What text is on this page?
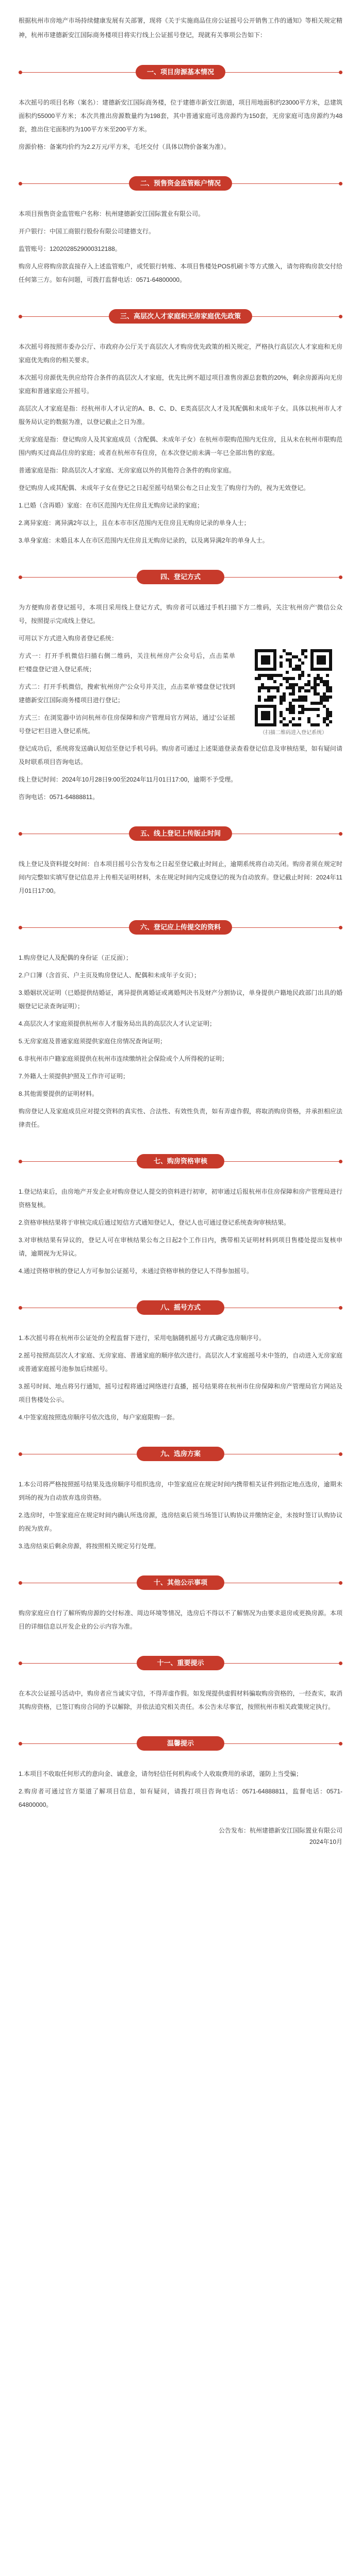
根据杭州市房地产市场持续健康发展有关部署，现将《关于实施商品住房公证摇号公开销售工作的通知》等相关规定精神，杭州市建德新安江国际商务楼项目将实行线上公证摇号登记，现就有关事项公告如下：

一、项目房源基本情况

本次摇号的项目名称（案名）：建德新安江国际商务楼，位于建德市新安江街道，项目用地面积约23000平方米，总建筑面积约55000平方米；本次共推出房源数量约为198套，其中普通家庭可选房源约为150套，无房家庭可选房源约为48套，推出住宅面积约为100平方米至200平方米。

房源价格：备案均价约为2.2万元/平方米，毛坯交付（具体以物价备案为准）。

二、预售资金监管账户情况

本项目预售资金监管账户名称：杭州建德新安江国际置业有限公司。

开户银行：中国工商银行股份有限公司建德支行。

监管账号：1202028529000312188。

购房人应将购房款直接存入上述监管账户，或凭银行转账、本项目售楼处POS机刷卡等方式缴入，请勿将购房款交付给任何第三方。如有问题，可拨打监督电话：0571-64800000。

三、高层次人才家庭和无房家庭优先政策

本次摇号将按照市委办公厅、市政府办公厅关于高层次人才购房优先政策的相关规定，严格执行高层次人才家庭和无房家庭优先购房的相关要求。

本次摇号房源优先供应给符合条件的高层次人才家庭，优先比例不超过项目准售房源总套数的20%，剩余房源再向无房家庭和普通家庭公开摇号。

高层次人才家庭是指：经杭州市人才认定的A、B、C、D、E类高层次人才及其配偶和未成年子女。具体以杭州市人才服务局认定的数据为准，以登记截止之日为准。

无房家庭是指：登记购房人及其家庭成员（含配偶、未成年子女）在杭州市限购范围内无住房，且从未在杭州市限购范围内购买过商品住房的家庭；或者在杭州市有住房，在本次登记前未满一年已全部出售的家庭。

普通家庭是指：除高层次人才家庭、无房家庭以外的其他符合条件的购房家庭。

登记购房人或其配偶、未成年子女在登记之日起至摇号结果公布之日止发生了购房行为的，视为无效登记。

1.已婚（含再婚）家庭：在市区范围内无住房且无购房记录的家庭；

2.离异家庭：离异满2年以上，且在本市市区范围内无住房且无购房记录的单身人士；

3.单身家庭：未婚且本人在市区范围内无住房且无购房记录的，以及离异满2年的单身人士。

四、登记方式

为方便购房者登记摇号，本项目采用线上登记方式，购房者可以通过手机扫描下方二维码，关注'杭州房产'微信公众号，按照提示完成线上登记。

可用以下方式进入购房者登记系统：

方式一：打开手机微信扫描右侧二维码，关注杭州房产公众号后，点击菜单栏'楼盘登记'进入登记系统；

方式二：打开手机微信，搜索'杭州房产'公众号并关注，点击菜单'楼盘登记'找到建德新安江国际商务楼项目进行登记；

方式三：在浏览器中访问杭州市住房保障和房产管理局官方网站，通过'公证摇号登记'栏目进入登记系统。	（扫描二维码进入登记系统）

登记成功后，系统将发送确认短信至登记手机号码。购房者可通过上述渠道登录查看登记信息及审核结果，如有疑问请及时联系项目咨询电话。

线上登记时间：2024年10月28日9:00至2024年11月01日17:00，逾期不予受理。

咨询电话：0571-64888811。

五、线上登记上传版止时间

线上登记及资料提交时间：自本项目摇号公告发布之日起至登记截止时间止，逾期系统将自动关闭。购房者须在规定时间内完整如实填写登记信息并上传相关证明材料，未在规定时间内完成登记的视为自动放弃。登记截止时间：2024年11月01日17:00。

六、登记应上传提交的资料

1.购房登记人及配偶的身份证（正反面）；

2.户口簿（含首页、户主页及购房登记人、配偶和未成年子女页）；

3.婚姻状况证明（已婚提供结婚证，离异提供离婚证或离婚判决书及财产分割协议，单身提供户籍地民政部门出具的婚姻登记记录查询证明）；

4.高层次人才家庭须提供杭州市人才服务局出具的高层次人才认定证明；

5.无房家庭及普通家庭须提供家庭住房情况查询证明；

6.非杭州市户籍家庭须提供在杭州市连续缴纳社会保险或个人所得税的证明；

7.外籍人士须提供护照及工作许可证明；

8.其他需要提供的证明材料。

购房登记人及家庭成员应对提交资料的真实性、合法性、有效性负责，如有弄虚作假，将取消购房资格，并承担相应法律责任。

七、购房资格审核

1.登记结束后，由房地产开发企业对购房登记人提交的资料进行初审，初审通过后报杭州市住房保障和房产管理局进行资格复核。

2.资格审核结果将于审核完成后通过短信方式通知登记人，登记人也可通过登记系统查询审核结果。

3.对审核结果有异议的，登记人可在审核结果公布之日起2个工作日内，携带相关证明材料到项目售楼处提出复核申请，逾期视为无异议。

4.通过资格审核的登记人方可参加公证摇号，未通过资格审核的登记人不得参加摇号。

八、摇号方式

1.本次摇号将在杭州市公证处的全程监督下进行，采用电脑随机摇号方式确定选房顺序号。

2.摇号按照高层次人才家庭、无房家庭、普通家庭的顺序依次进行。高层次人才家庭摇号未中签的，自动进入无房家庭或普通家庭摇号池参加后续摇号。

3.摇号时间、地点将另行通知，摇号过程将通过网络进行直播，摇号结果将在杭州市住房保障和房产管理局官方网站及项目售楼处公示。

4.中签家庭按照选房顺序号依次选房，每户家庭限购一套。

九、选房方案

1.本公司将严格按照摇号结果及选房顺序号组织选房，中签家庭应在规定时间内携带相关证件到指定地点选房，逾期未到场的视为自动放弃选房资格。

2.选房时，中签家庭应在规定时间内确认所选房源，选房结束后须当场签订认购协议并缴纳定金，未按时签订认购协议的视为放弃。

3.选房结束后剩余房源，将按照相关规定另行处理。

十、其他公示事项

购房家庭应自行了解所购房源的交付标准、周边环境等情况，选房后不得以不了解情况为由要求退房或更换房源。本项目的详细信息以开发企业的公示内容为准。

十一、重要提示

在本次公证摇号活动中，购房者应当诚实守信，不得弄虚作假。如发现提供虚假材料骗取购房资格的，一经查实，取消其购房资格，已签订购房合同的予以解除，并依法追究相关责任。本公告未尽事宜，按照杭州市相关政策规定执行。

温馨提示

1.本项目不收取任何形式的意向金、诚意金，请勿轻信任何机构或个人收取费用的承诺，谨防上当受骗；

2.购房者可通过官方渠道了解项目信息，如有疑问，请拨打项目咨询电话：0571-64888811，监督电话：0571-64800000。

公告发布：杭州建德新安江国际置业有限公司
2024年10月
